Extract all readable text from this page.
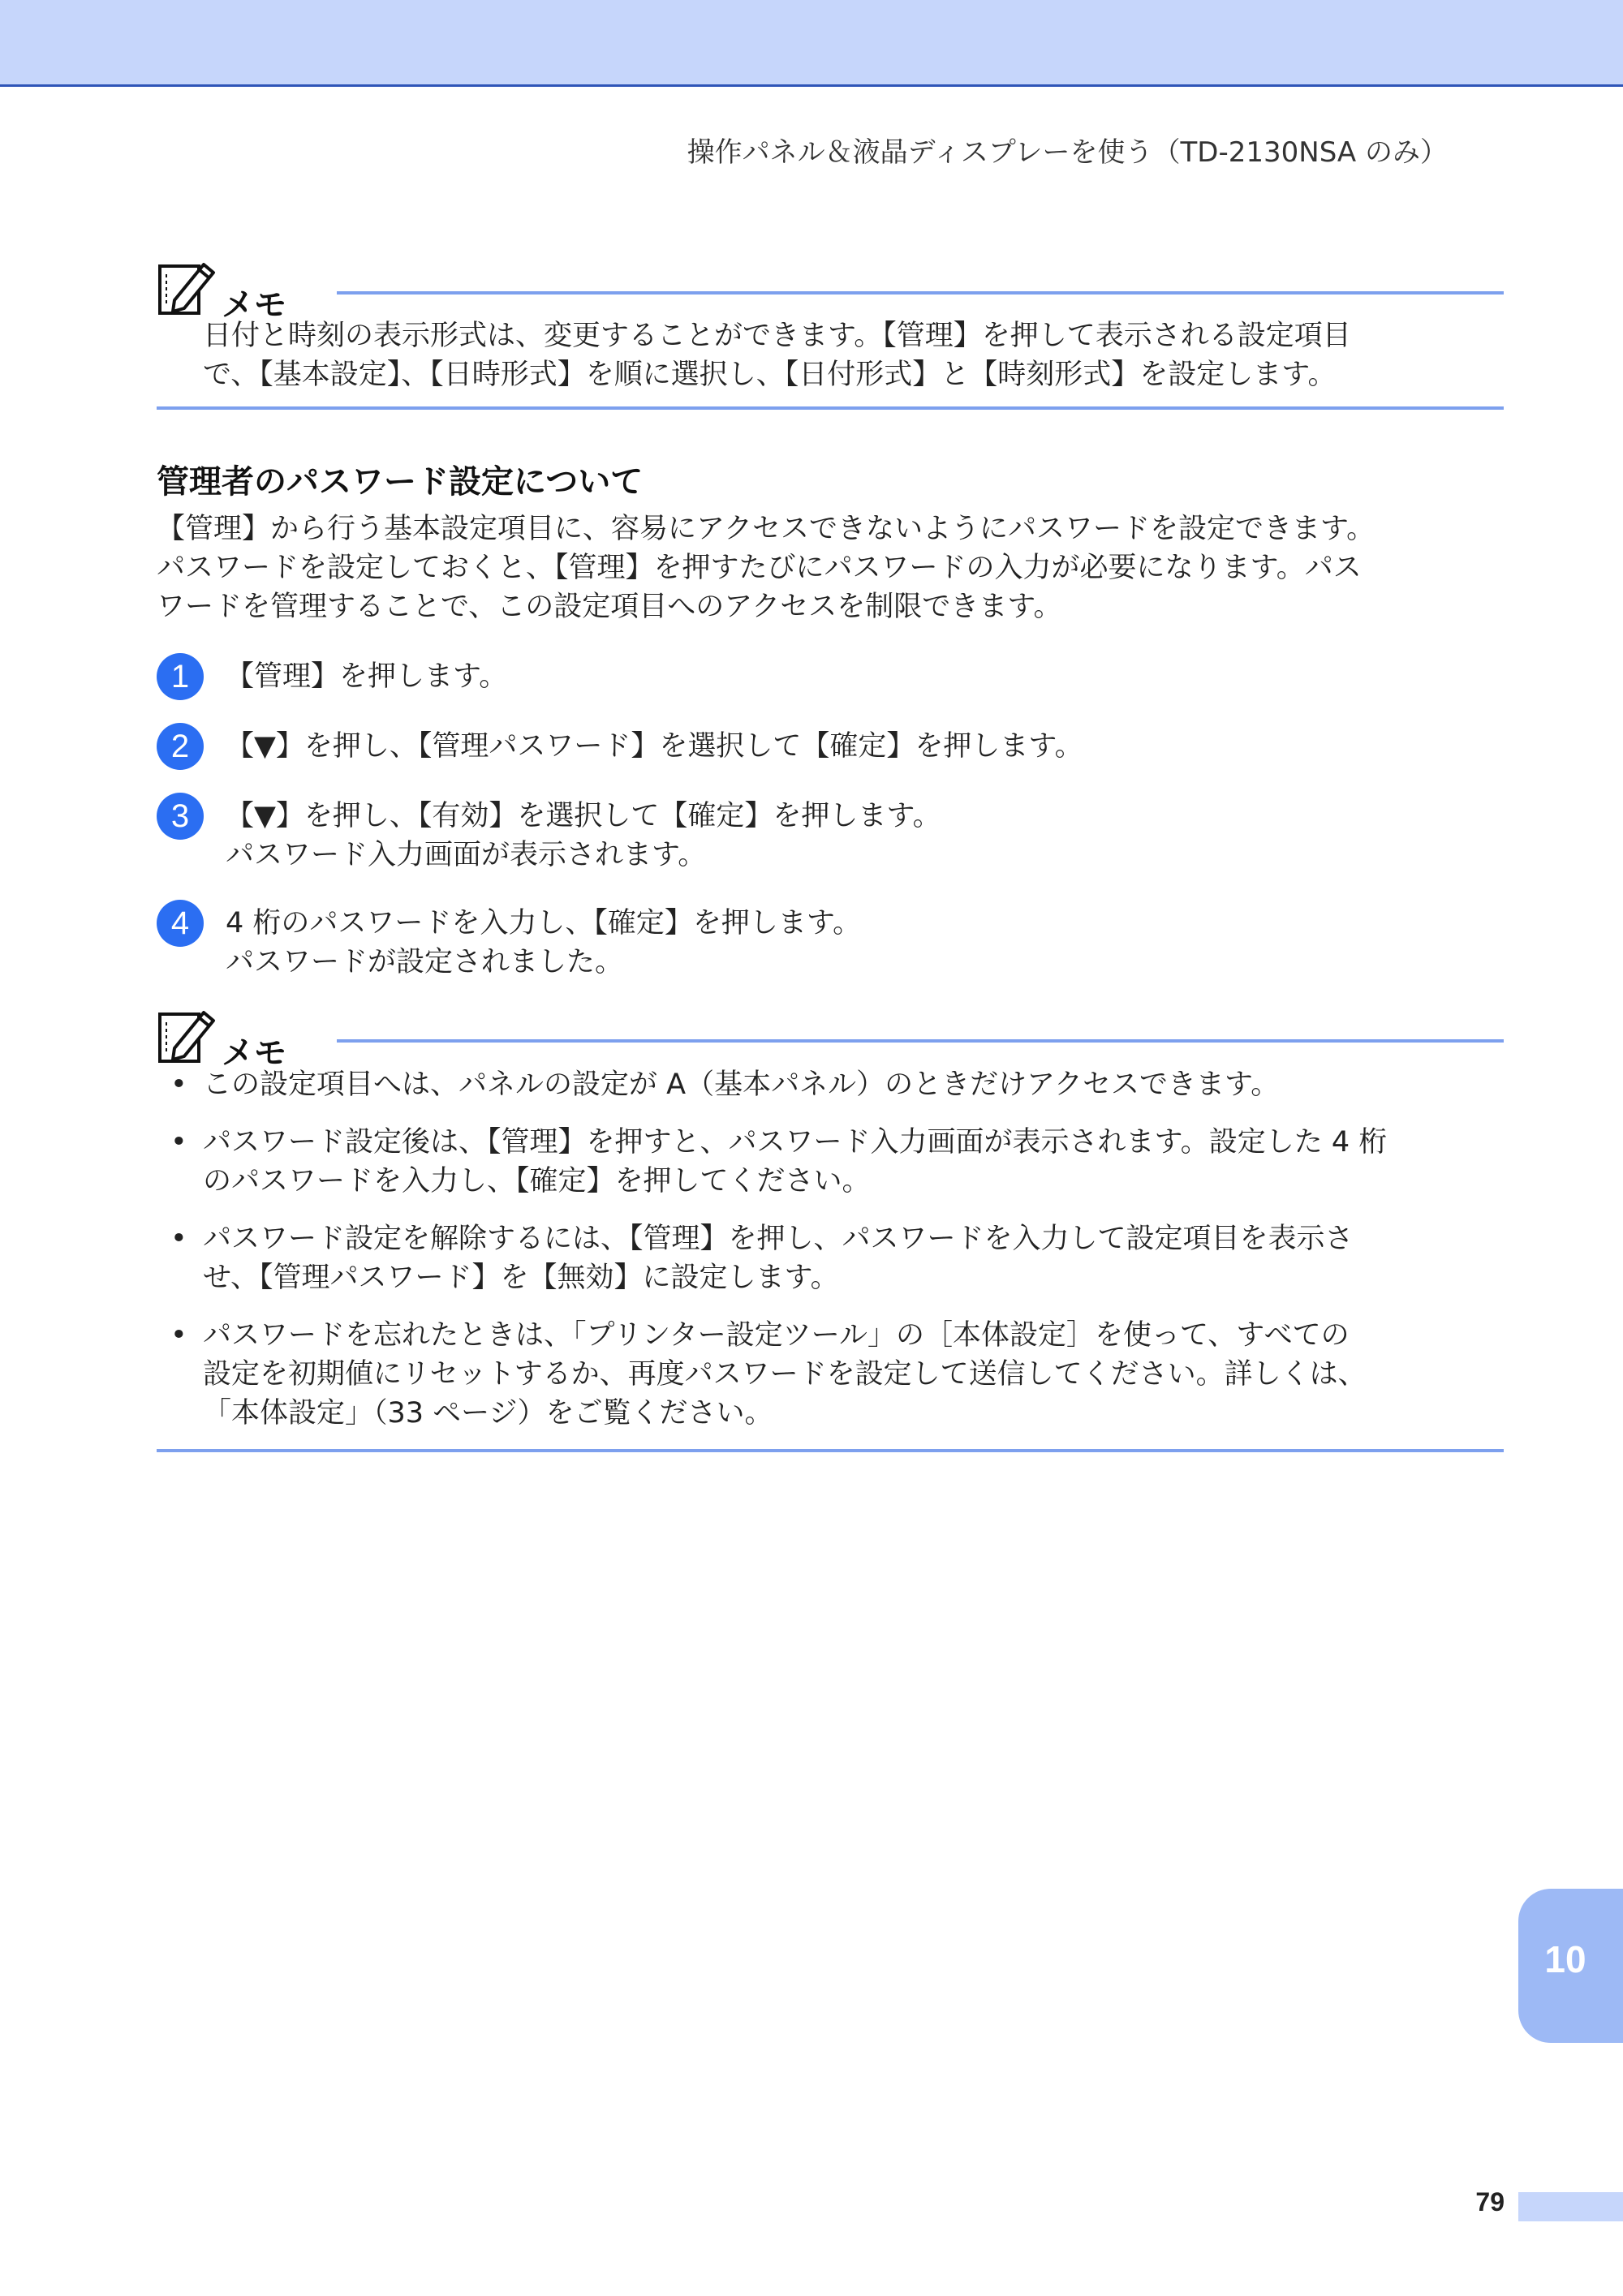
操作パネル＆液晶ディスプレーを使う（TD-2130NSA のみ）
メモ
日付と時刻の表示形式は、変更することができます。【管理】を押して表示される設定項目
で、【基本設定】、【日時形式】を順に選択し、【日付形式】と【時刻形式】を設定します。
管理者のパスワード設定について
【管理】から行う基本設定項目に、容易にアクセスできないようにパスワードを設定できます。
パスワードを設定しておくと、【管理】を押すたびにパスワードの入力が必要になります。パス
ワードを管理することで、この設定項目へのアクセスを制限できます。
1	【管理】を押します。
2	【▼】を押し、【管理パスワード】を選択して【確定】を押します。
3	【▼】を押し、【有効】を選択して【確定】を押します。
パスワード入力画面が表示されます。
4	4 桁のパスワードを入力し、【確定】を押します。
パスワードが設定されました。
メモ
• この設定項目へは、パネルの設定が A（基本パネル）のときだけアクセスできます。
• パスワード設定後は、【管理】を押すと、パスワード入力画面が表示されます。設定した 4 桁
のパスワードを入力し、【確定】を押してください。
• パスワード設定を解除するには、【管理】を押し、パスワードを入力して設定項目を表示さ
せ、【管理パスワード】を【無効】に設定します。
• パスワードを忘れたときは、「プリンター設定ツール」の［本体設定］を使って、すべての
設定を初期値にリセットするか、再度パスワードを設定して送信してください。詳しくは、
「本体設定」（33 ページ）をご覧ください。
10
79
